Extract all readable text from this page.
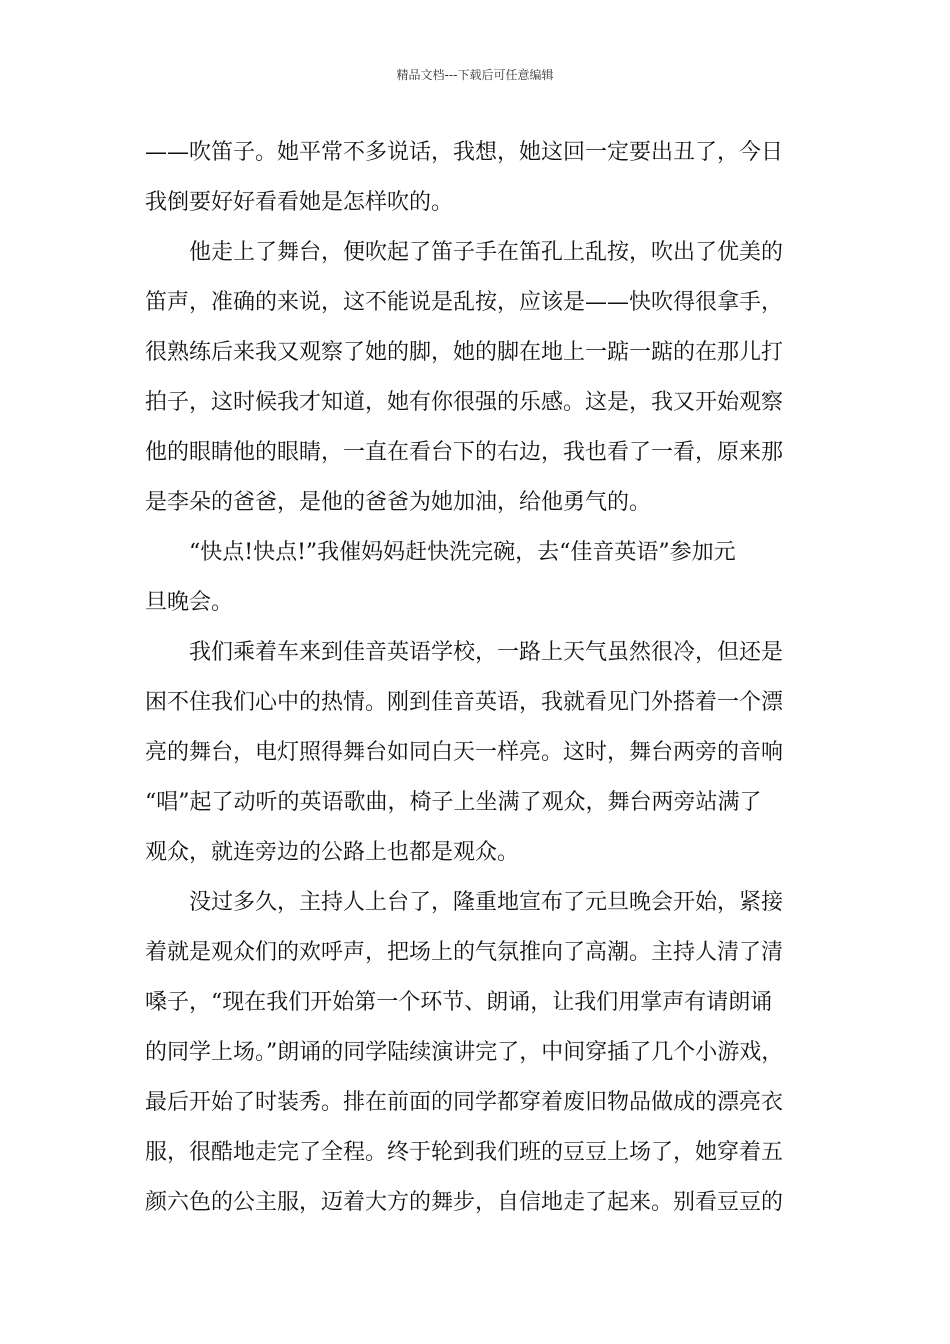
精品文档---下载后可任意编辑
——吹笛子。她平常不多说话，我想，她这回一定要出丑了，今日
我倒要好好看看她是怎样吹的。
他走上了舞台，便吹起了笛子手在笛孔上乱按，吹出了优美的
笛声，准确的来说，这不能说是乱按，应该是——快吹得很拿手，
很熟练后来我又观察了她的脚，她的脚在地上一踮一踮的在那儿打
拍子，这时候我才知道，她有你很强的乐感。这是，我又开始观察
他的眼睛他的眼睛，一直在看台下的右边，我也看了一看，原来那
是李朵的爸爸，是他的爸爸为她加油，给他勇气的。
“快点!快点!”我催妈妈赶快洗完碗，去“佳音英语”参加元
旦晚会。
我们乘着车来到佳音英语学校，一路上天气虽然很冷，但还是
困不住我们心中的热情。刚到佳音英语，我就看见门外搭着一个漂
亮的舞台，电灯照得舞台如同白天一样亮。这时，舞台两旁的音响
“唱”起了动听的英语歌曲，椅子上坐满了观众，舞台两旁站满了
观众，就连旁边的公路上也都是观众。
没过多久，主持人上台了，隆重地宣布了元旦晚会开始，紧接
着就是观众们的欢呼声，把场上的气氛推向了高潮。主持人清了清
嗓子，“现在我们开始第一个环节、朗诵，让我们用掌声有请朗诵
的同学上场。”朗诵的同学陆续演讲完了，中间穿插了几个小游戏，
最后开始了时装秀。排在前面的同学都穿着废旧物品做成的漂亮衣
服，很酷地走完了全程。终于轮到我们班的豆豆上场了，她穿着五
颜六色的公主服，迈着大方的舞步，自信地走了起来。别看豆豆的
